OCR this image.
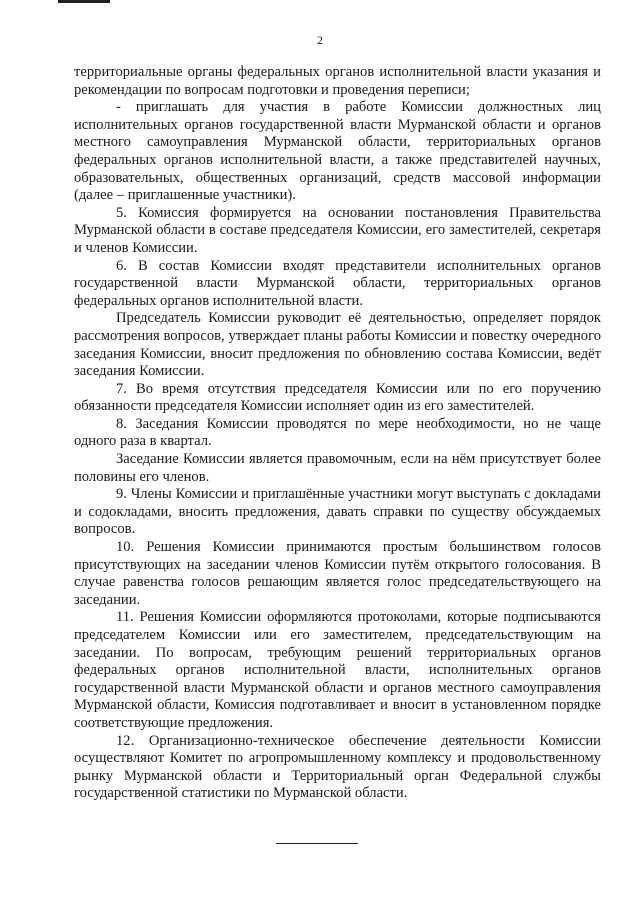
2

территориальные органы федеральных органов исполнительной власти указания и рекомендации по вопросам подготовки и проведения переписи;

- приглашать для участия в работе Комиссии должностных лиц исполнительных органов государственной власти Мурманской области и органов местного самоуправления Мурманской области, территориальных органов федеральных органов исполнительной власти, а также представителей научных, образовательных, общественных организаций, средств массовой информации (далее – приглашенные участники).

5. Комиссия формируется на основании постановления Правительства Мурманской области в составе председателя Комиссии, его заместителей, секретаря и членов Комиссии.

6. В состав Комиссии входят представители исполнительных органов государственной власти Мурманской области, территориальных органов федеральных органов исполнительной власти.

Председатель Комиссии руководит её деятельностью, определяет порядок рассмотрения вопросов, утверждает планы работы Комиссии и повестку очередного заседания Комиссии, вносит предложения по обновлению состава Комиссии, ведёт заседания Комиссии.

7. Во время отсутствия председателя Комиссии или по его поручению обязанности председателя Комиссии исполняет один из его заместителей.

8. Заседания Комиссии проводятся по мере необходимости, но не чаще одного раза в квартал.

Заседание Комиссии является правомочным, если на нём присутствует более половины его членов.

9. Члены Комиссии и приглашённые участники могут выступать с докладами и содокладами, вносить предложения, давать справки по существу обсуждаемых вопросов.

10. Решения Комиссии принимаются простым большинством голосов присутствующих на заседании членов Комиссии путём открытого голосования. В случае равенства голосов решающим является голос председательствующего на заседании.

11. Решения Комиссии оформляются протоколами, которые подписываются председателем Комиссии или его заместителем, председательствующим на заседании. По вопросам, требующим решений территориальных органов федеральных органов исполнительной власти, исполнительных органов государственной власти Мурманской области и органов местного самоуправления Мурманской области, Комиссия подготавливает и вносит в установленном порядке соответствующие предложения.

12. Организационно-техническое обеспечение деятельности Комиссии осуществляют Комитет по агропромышленному комплексу и продовольственному рынку Мурманской области и Территориальный орган Федеральной службы государственной статистики по Мурманской области.
